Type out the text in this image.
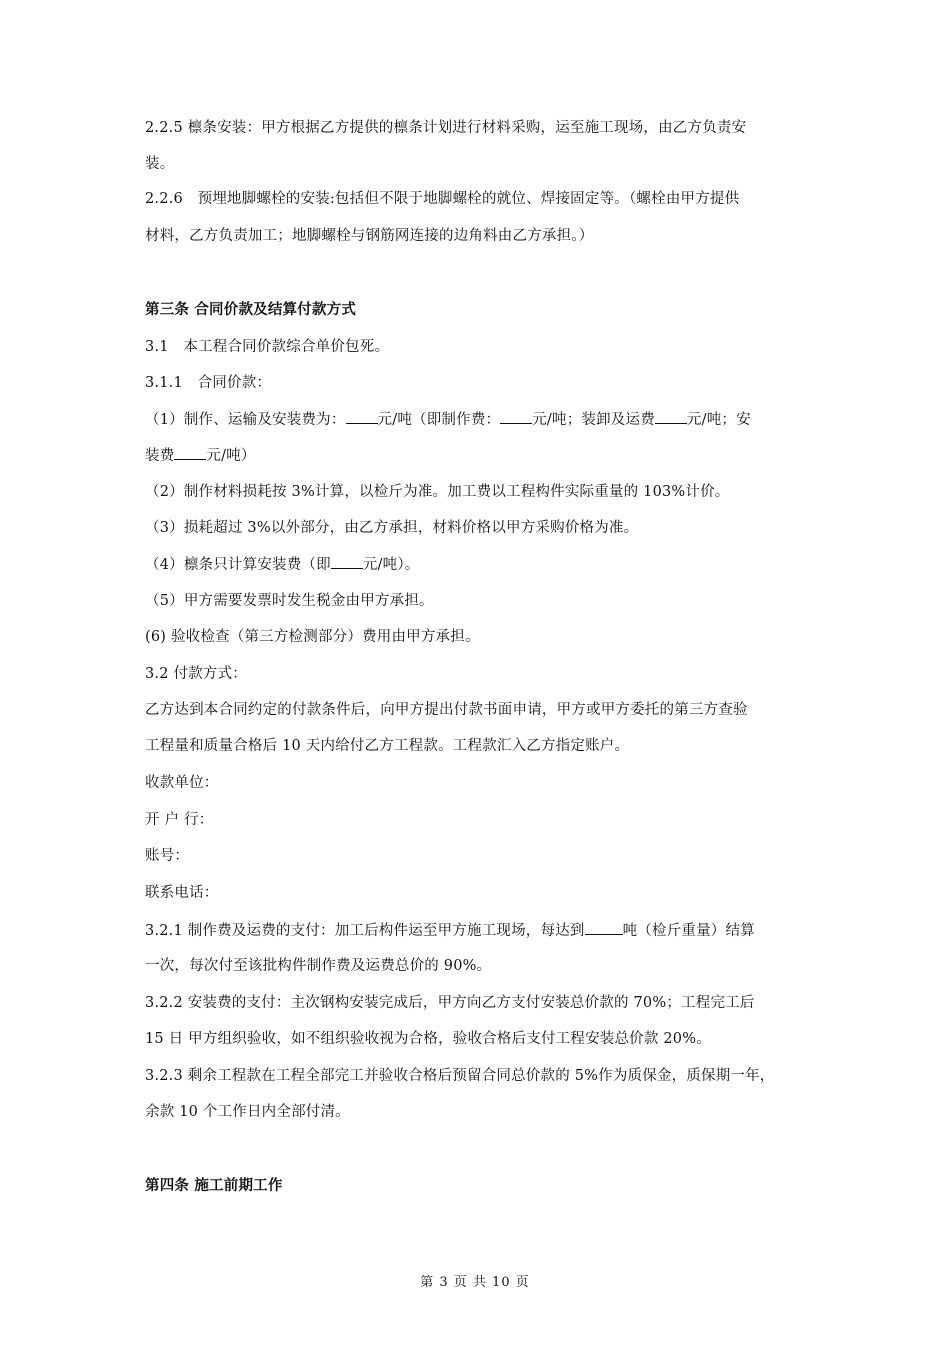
2.2.5 檩条安装：甲方根据乙方提供的檩条计划进行材料采购，运至施工现场，由乙方负责安
装。
2.2.6　预埋地脚螺栓的安装:包括但不限于地脚螺栓的就位、焊接固定等。（螺栓由甲方提供
材料，乙方负责加工；地脚螺栓与钢筋网连接的边角料由乙方承担。）
第三条 合同价款及结算付款方式
3.1　本工程合同价款综合单价包死。
3.1.1　合同价款：
（1）制作、运输及安装费为： 元/吨（即制作费： 元/吨；装卸及运费 元/吨；安
装费 元/吨）
（2）制作材料损耗按 3%计算，以检斤为准。加工费以工程构件实际重量的 103%计价。
（3）损耗超过 3%以外部分，由乙方承担，材料价格以甲方采购价格为准。
（4）檩条只计算安装费（即 元/吨）。
（5）甲方需要发票时发生税金由甲方承担。
(6) 验收检查（第三方检测部分）费用由甲方承担。
3.2 付款方式：
乙方达到本合同约定的付款条件后，向甲方提出付款书面申请，甲方或甲方委托的第三方查验
工程量和质量合格后 10 天内给付乙方工程款。工程款汇入乙方指定账户。
收款单位：
开 户 行：
账号：
联系电话：
3.2.1 制作费及运费的支付：加工后构件运至甲方施工现场，每达到	吨（检斤重量）结算
一次，每次付至该批构件制作费及运费总价的 90%。
3.2.2 安装费的支付：主次钢构安装完成后，甲方向乙方支付安装总价款的 70%；工程完工后
15 日 甲方组织验收，如不组织验收视为合格，验收合格后支付工程安装总价款 20%。
3.2.3 剩余工程款在工程全部完工并验收合格后预留合同总价款的 5%作为质保金，质保期一年，
余款 10 个工作日内全部付清。
第四条 施工前期工作
第 3 页 共 10 页
